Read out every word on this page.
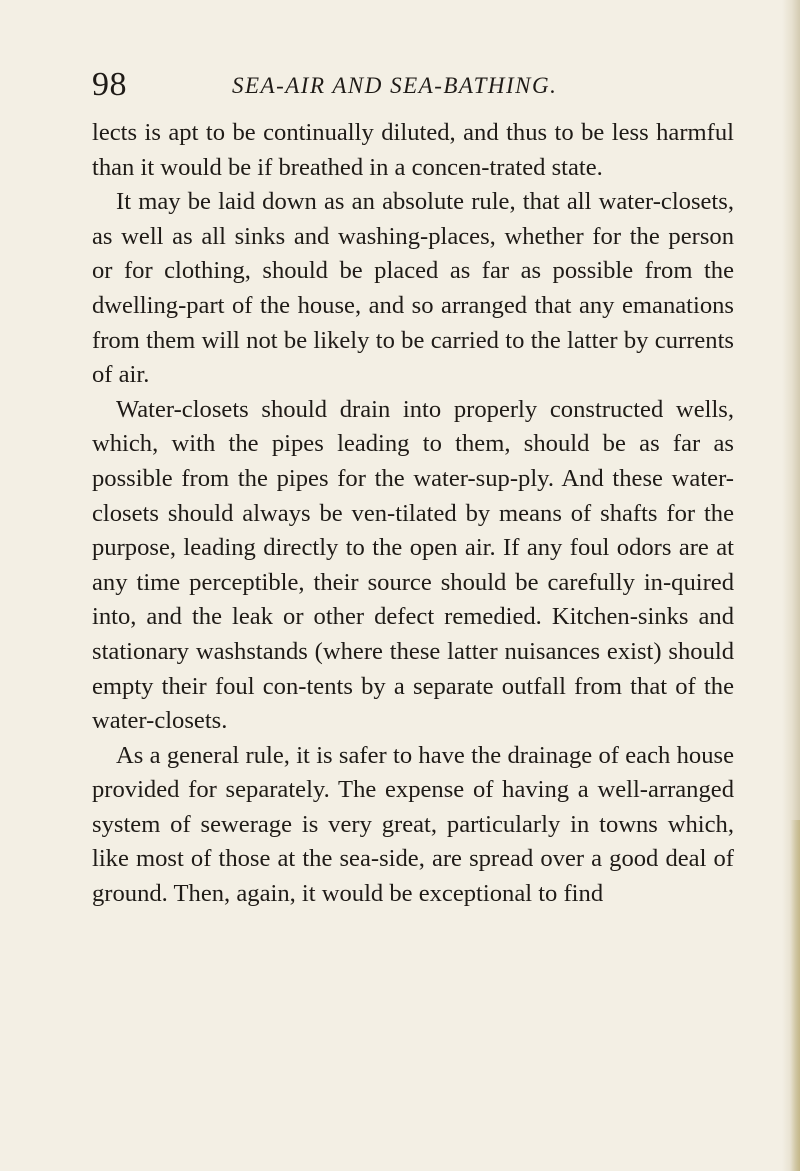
98	SEA-AIR AND SEA-BATHING.

lects is apt to be continually diluted, and thus to be less harmful than it would be if breathed in a concen-trated state.

It may be laid down as an absolute rule, that all water-closets, as well as all sinks and washing-places, whether for the person or for clothing, should be placed as far as possible from the dwelling-part of the house, and so arranged that any emanations from them will not be likely to be carried to the latter by currents of air.

Water-closets should drain into properly constructed wells, which, with the pipes leading to them, should be as far as possible from the pipes for the water-sup-ply. And these water-closets should always be ven-tilated by means of shafts for the purpose, leading directly to the open air. If any foul odors are at any time perceptible, their source should be carefully in-quired into, and the leak or other defect remedied. Kitchen-sinks and stationary washstands (where these latter nuisances exist) should empty their foul con-tents by a separate outfall from that of the water-closets.

As a general rule, it is safer to have the drainage of each house provided for separately. The expense of having a well-arranged system of sewerage is very great, particularly in towns which, like most of those at the sea-side, are spread over a good deal of ground. Then, again, it would be exceptional to find
